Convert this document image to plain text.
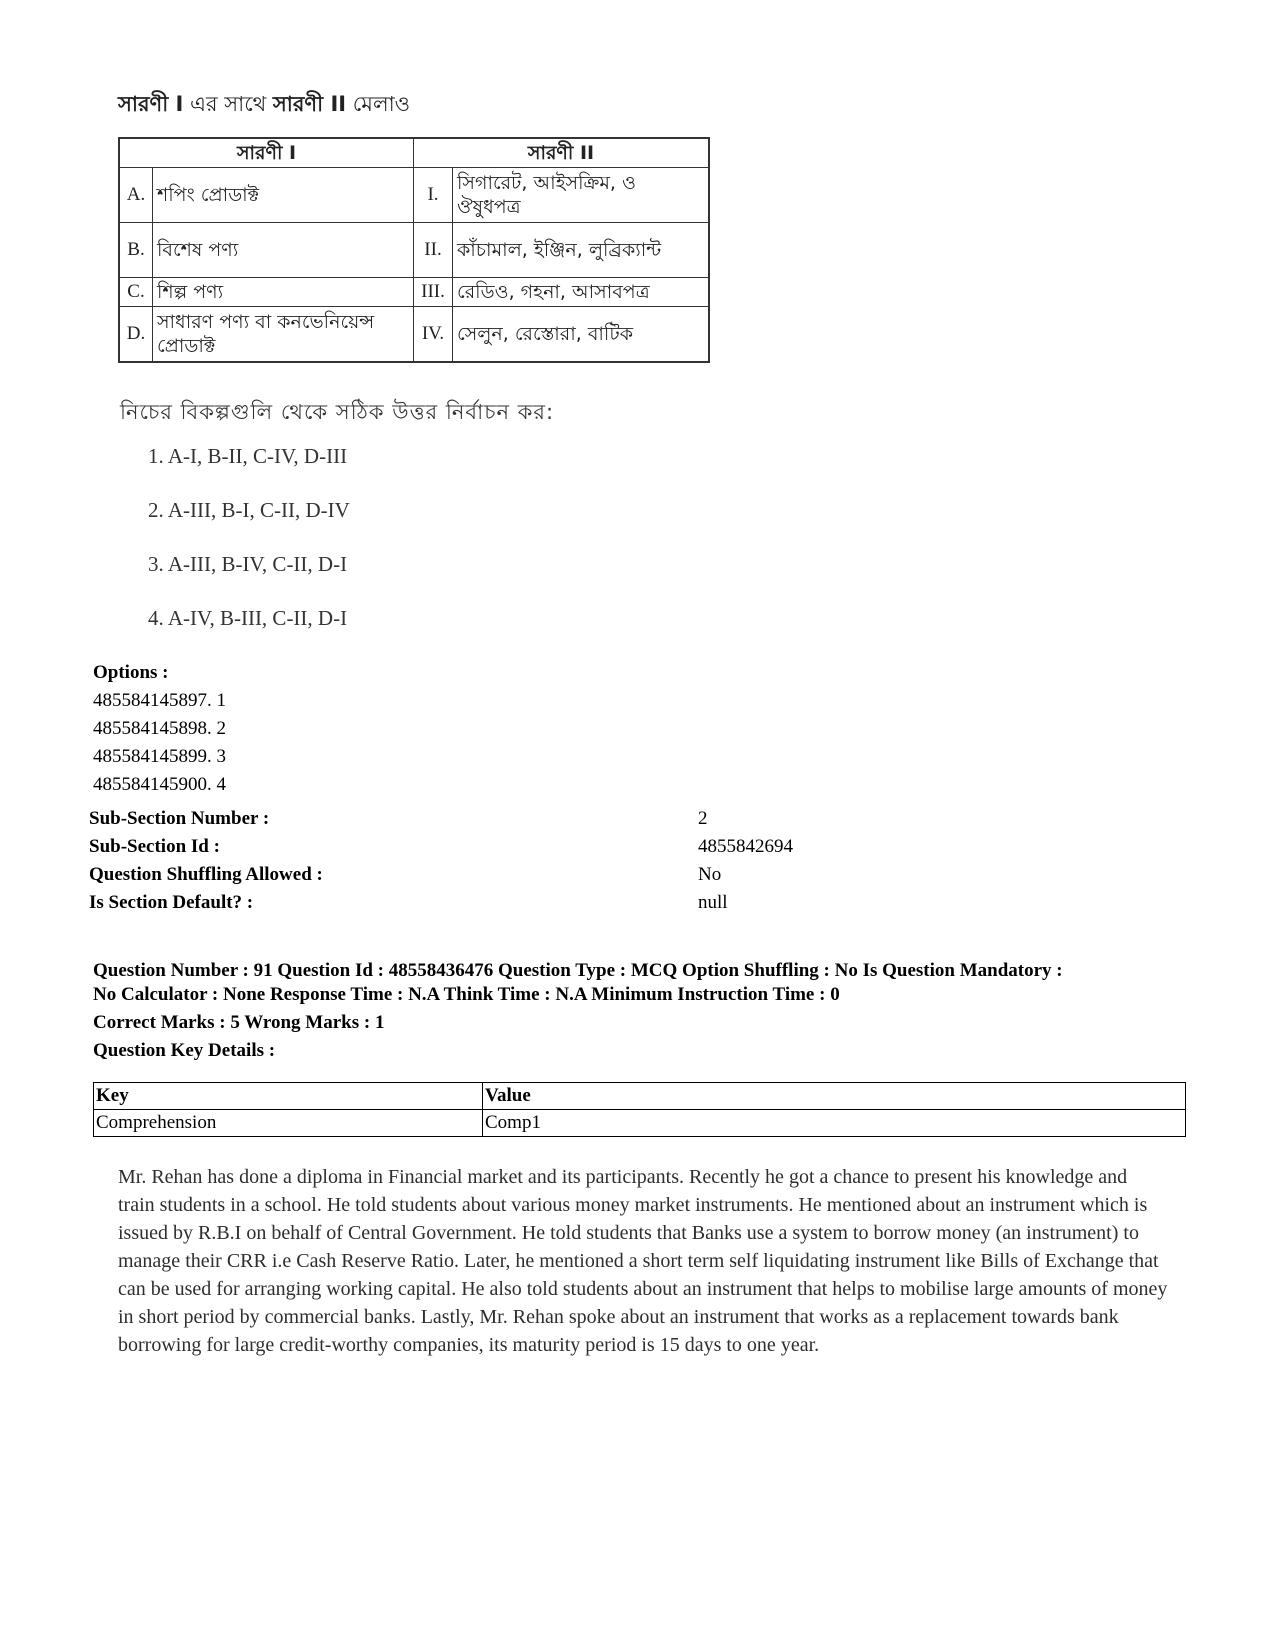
সারণী I এর সাথে সারণী II মেলাও
সারণী I		সারণী II	
A.	শপিং প্রোডাক্ট	I.	সিগারেট, আইসক্রিম, ও ঔষুধপত্র
B.	বিশেষ পণ্য	II.	কাঁচামাল, ইঞ্জিন, লুব্রিক্যান্ট
C.	শিল্প পণ্য	III.	রেডিও, গহনা, আসাবপত্র
D.	সাধারণ পণ্য বা কনভেনিয়েন্স প্রোডাক্ট	IV.	সেলুন, রেস্তোরা, বাটিক
নিচের বিকল্পগুলি থেকে সঠিক উত্তর নির্বাচন কর:
1. A-I, B-II, C-IV, D-III
2. A-III, B-I, C-II, D-IV
3. A-III, B-IV, C-II, D-I
4. A-IV, B-III, C-II, D-I
Options :
485584145897. 1
485584145898. 2
485584145899. 3
485584145900. 4
Sub-Section Number :	2
Sub-Section Id :	4855842694
Question Shuffling Allowed :	No
Is Section Default? :	null
Question Number : 91 Question Id : 48558436476 Question Type : MCQ Option Shuffling : No Is Question Mandatory :
No Calculator : None Response Time : N.A Think Time : N.A Minimum Instruction Time : 0
Correct Marks : 5 Wrong Marks : 1
Question Key Details :
Key	Value
Comprehension	Comp1
Mr. Rehan has done a diploma in Financial market and its participants. Recently he got a chance to present his knowledge and train students in a school. He told students about various money market instruments. He mentioned about an instrument which is issued by R.B.I on behalf of Central Government. He told students that Banks use a system to borrow money (an instrument) to manage their CRR i.e Cash Reserve Ratio. Later, he mentioned a short term self liquidating instrument like Bills of Exchange that can be used for arranging working capital. He also told students about an instrument that helps to mobilise large amounts of money in short period by commercial banks. Lastly, Mr. Rehan spoke about an instrument that works as a replacement towards bank borrowing for large credit-worthy companies, its maturity period is 15 days to one year.
